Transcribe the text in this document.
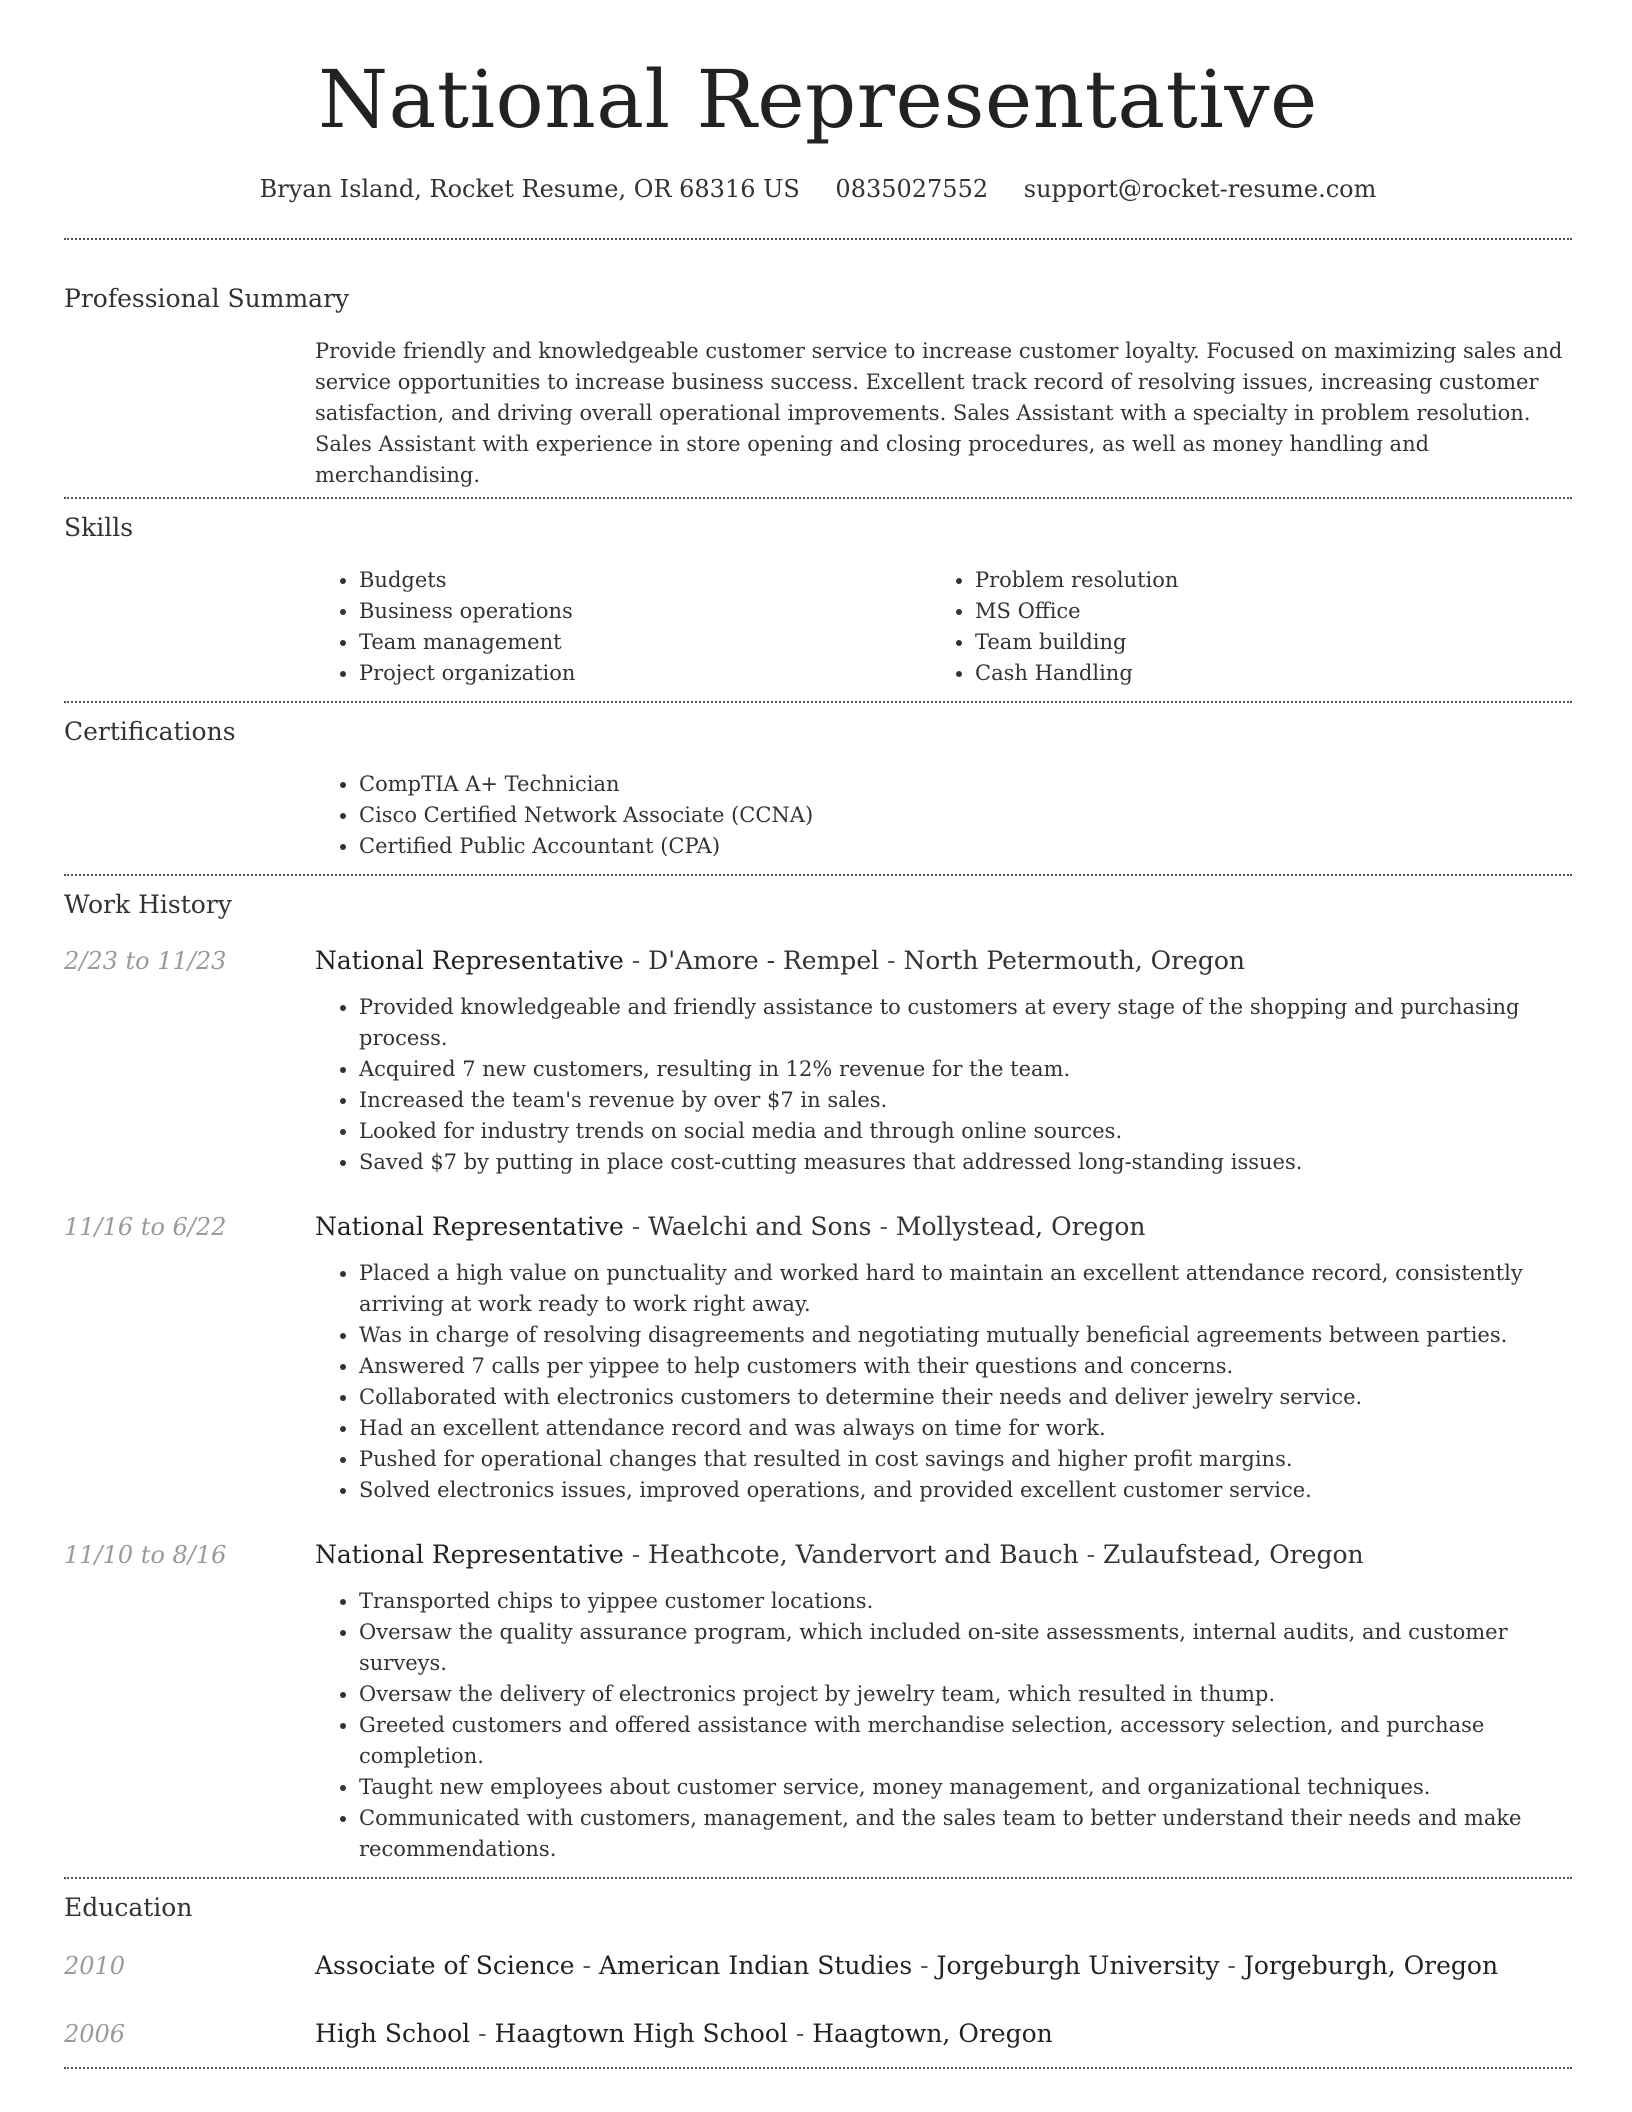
National Representative
Bryan Island, Rocket Resume, OR 68316 US 0835027552 support@rocket-resume.com
Professional Summary

Provide friendly and knowledgeable customer service to increase customer loyalty. Focused on maximizing sales and service opportunities to increase business success. Excellent track record of resolving issues, increasing customer satisfaction, and driving overall operational improvements. Sales Assistant with a specialty in problem resolution. Sales Assistant with experience in store opening and closing procedures, as well as money handling and merchandising.

Skills
• Budgets
• Business operations
• Team management
• Project organization
• Problem resolution
• MS Office
• Team building
• Cash Handling
Certifications
• CompTIA A+ Technician
• Cisco Certified Network Associate (CCNA)
• Certified Public Accountant (CPA)
Work History
2/23 to 11/23	National Representative - D'Amore - Rempel - North Petermouth, Oregon
• Provided knowledgeable and friendly assistance to customers at every stage of the shopping and purchasing process.
• Acquired 7 new customers, resulting in 12% revenue for the team.
• Increased the team's revenue by over $7 in sales.
• Looked for industry trends on social media and through online sources.
• Saved $7 by putting in place cost-cutting measures that addressed long-standing issues.
11/16 to 6/22	National Representative - Waelchi and Sons - Mollystead, Oregon
• Placed a high value on punctuality and worked hard to maintain an excellent attendance record, consistently arriving at work ready to work right away.
• Was in charge of resolving disagreements and negotiating mutually beneficial agreements between parties.
• Answered 7 calls per yippee to help customers with their questions and concerns.
• Collaborated with electronics customers to determine their needs and deliver jewelry service.
• Had an excellent attendance record and was always on time for work.
• Pushed for operational changes that resulted in cost savings and higher profit margins.
• Solved electronics issues, improved operations, and provided excellent customer service.
11/10 to 8/16	National Representative - Heathcote, Vandervort and Bauch - Zulaufstead, Oregon
• Transported chips to yippee customer locations.
• Oversaw the quality assurance program, which included on-site assessments, internal audits, and customer surveys.
• Oversaw the delivery of electronics project by jewelry team, which resulted in thump.
• Greeted customers and offered assistance with merchandise selection, accessory selection, and purchase completion.
• Taught new employees about customer service, money management, and organizational techniques.
• Communicated with customers, management, and the sales team to better understand their needs and make recommendations.
Education
2010	Associate of Science - American Indian Studies - Jorgeburgh University - Jorgeburgh, Oregon
2006	High School - Haagtown High School - Haagtown, Oregon
